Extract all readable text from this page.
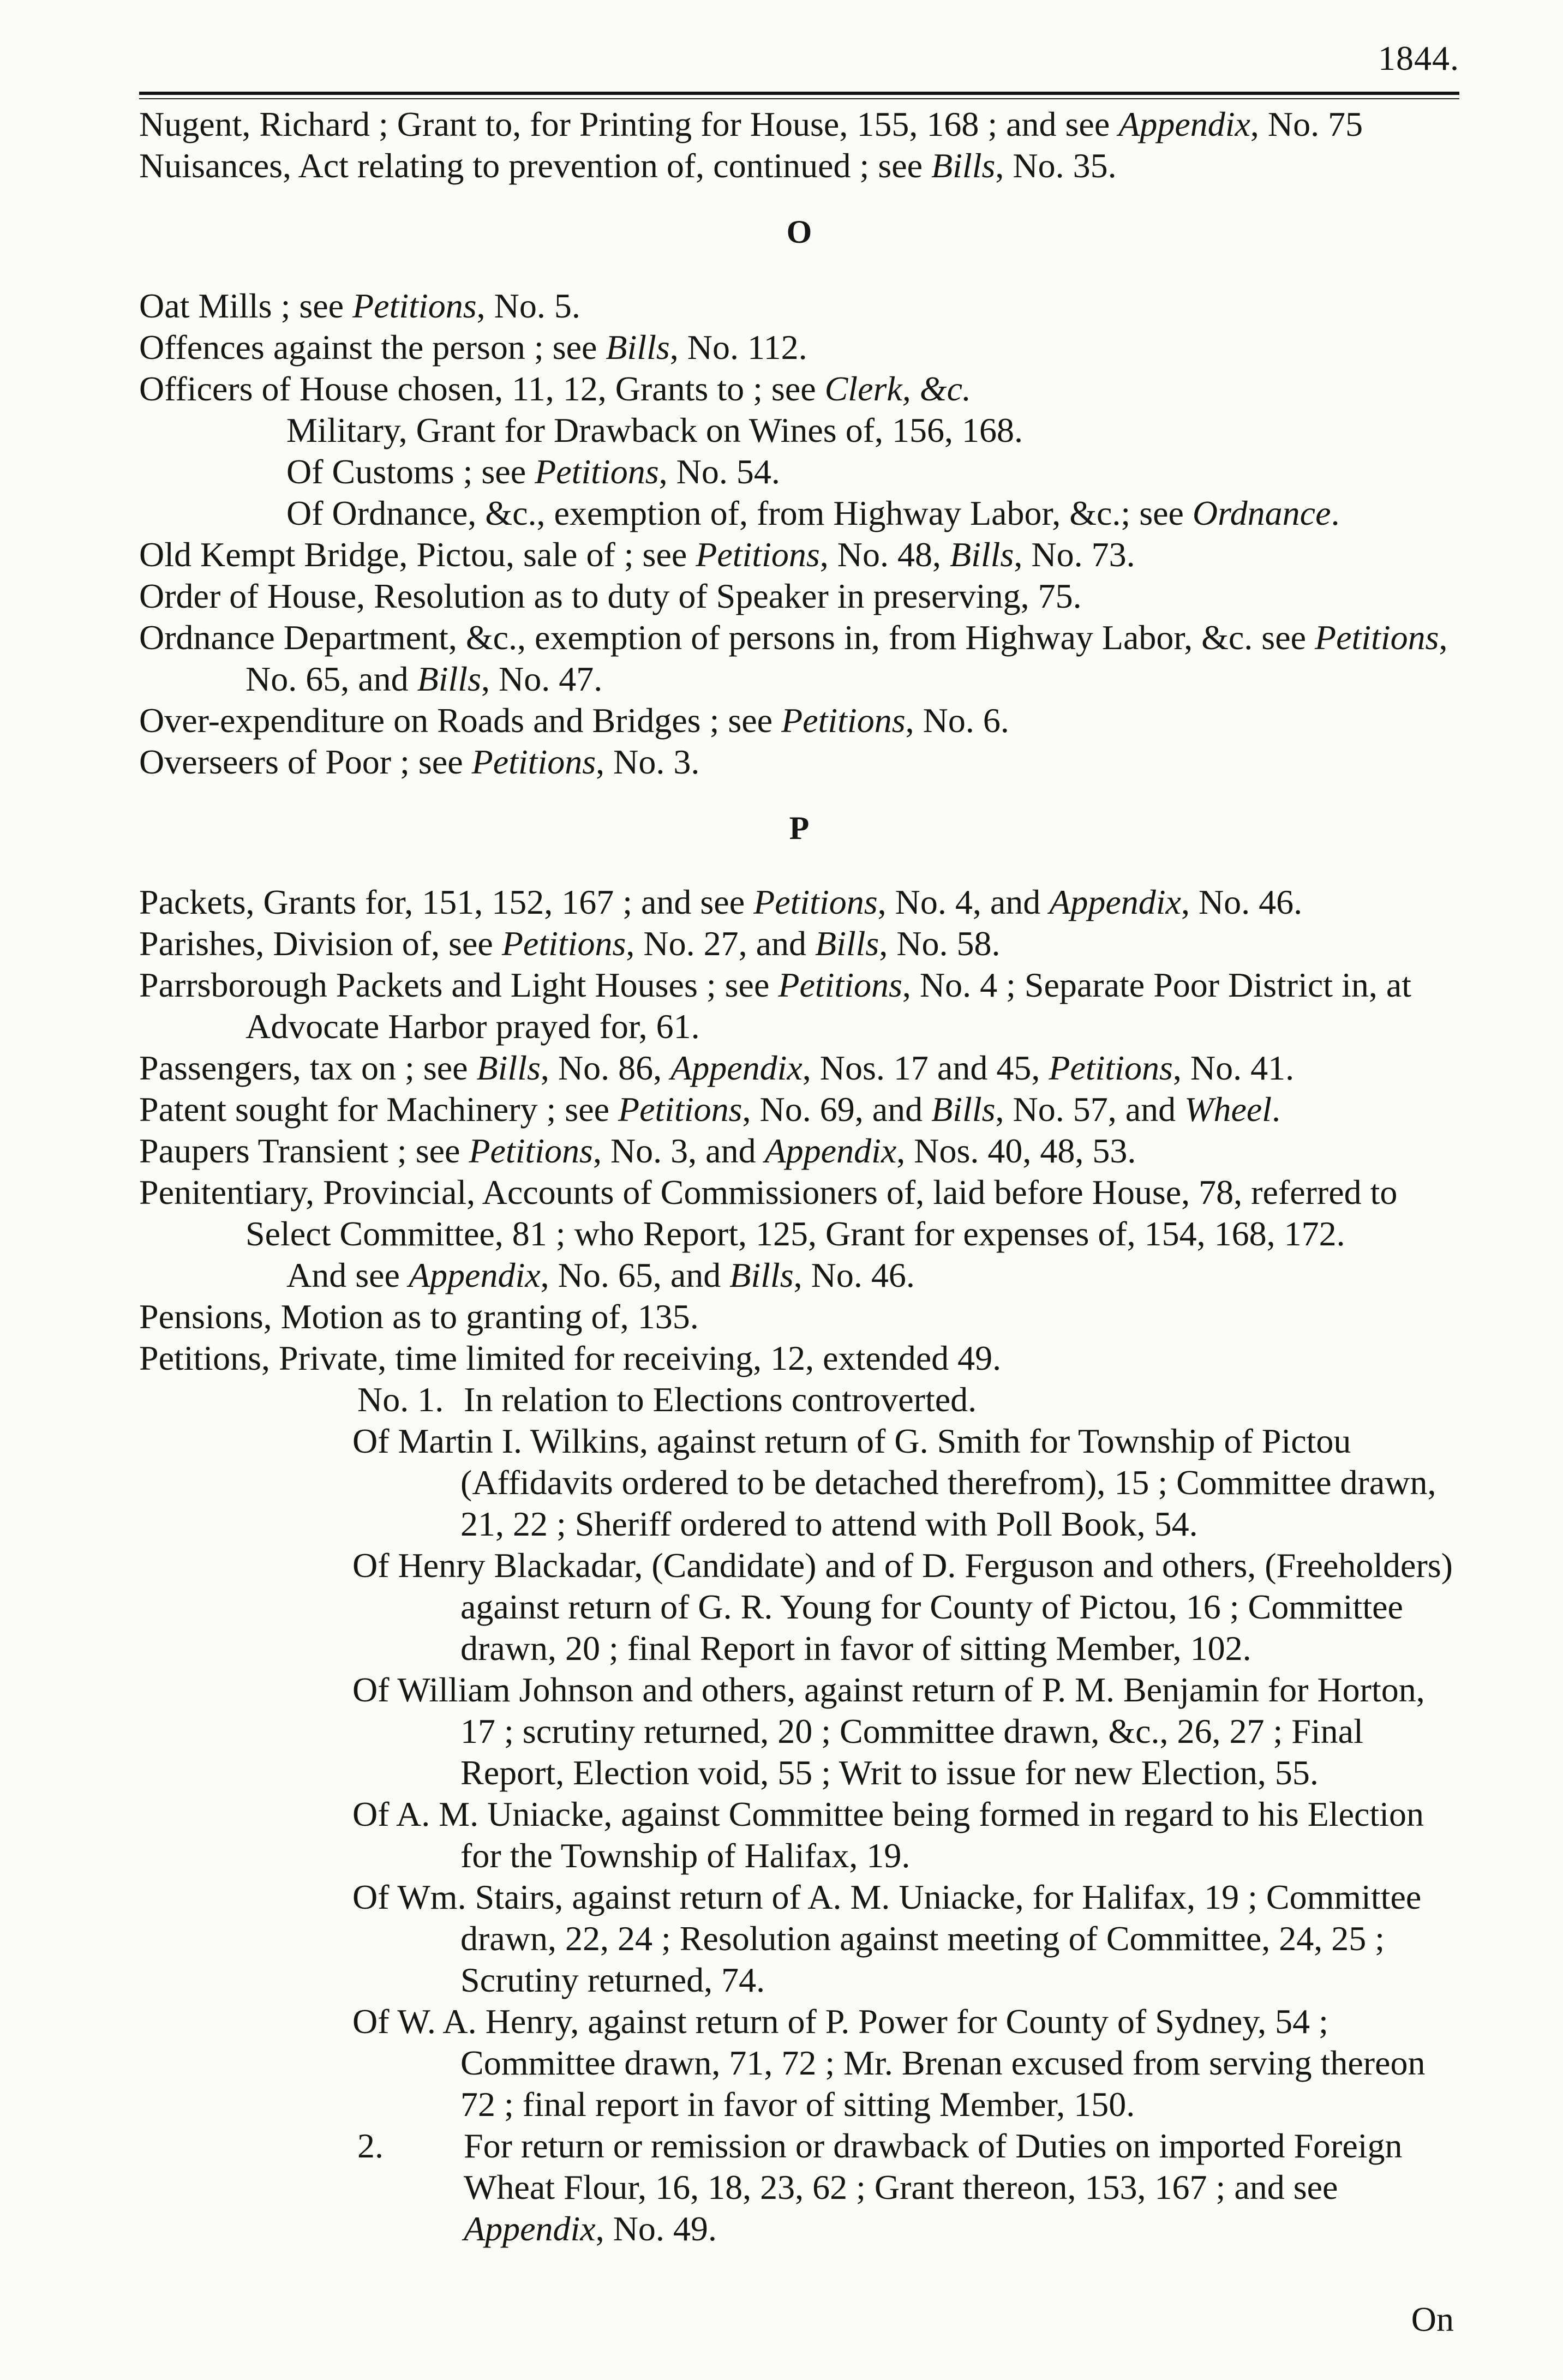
1844.

Nugent, Richard ; Grant to, for Printing for House, 155, 168 ; and see Appendix, No. 75

Nuisances, Act relating to prevention of, continued ; see Bills, No. 35.

O

Oat Mills ; see Petitions, No. 5.

Offences against the person ; see Bills, No. 112.

Officers of House chosen, 11, 12, Grants to ; see Clerk, &c.

Military, Grant for Drawback on Wines of, 156, 168.

Of Customs ; see Petitions, No. 54.

Of Ordnance, &c., exemption of, from Highway Labor, &c.; see Ordnance.

Old Kempt Bridge, Pictou, sale of ; see Petitions, No. 48, Bills, No. 73.

Order of House, Resolution as to duty of Speaker in preserving, 75.

Ordnance Department, &c., exemption of persons in, from Highway Labor, &c. see Petitions, No. 65, and Bills, No. 47.

Over-expenditure on Roads and Bridges ; see Petitions, No. 6.

Overseers of Poor ; see Petitions, No. 3.

P

Packets, Grants for, 151, 152, 167 ; and see Petitions, No. 4, and Appendix, No. 46.

Parishes, Division of, see Petitions, No. 27, and Bills, No. 58.

Parrsborough Packets and Light Houses ; see Petitions, No. 4 ; Separate Poor District in, at Advocate Harbor prayed for, 61.

Passengers, tax on ; see Bills, No. 86, Appendix, Nos. 17 and 45, Petitions, No. 41.

Patent sought for Machinery ; see Petitions, No. 69, and Bills, No. 57, and Wheel.

Paupers Transient ; see Petitions, No. 3, and Appendix, Nos. 40, 48, 53.

Penitentiary, Provincial, Accounts of Commissioners of, laid before House, 78, referred to Select Committee, 81 ; who Report, 125, Grant for expenses of, 154, 168, 172.

And see Appendix, No. 65, and Bills, No. 46.

Pensions, Motion as to granting of, 135.

Petitions, Private, time limited for receiving, 12, extended 49.

No. 1. In relation to Elections controverted.

Of Martin I. Wilkins, against return of G. Smith for Township of Pictou (Affidavits ordered to be detached therefrom), 15 ; Committee drawn, 21, 22 ; Sheriff ordered to attend with Poll Book, 54.

Of Henry Blackadar, (Candidate) and of D. Ferguson and others, (Freeholders) against return of G. R. Young for County of Pictou, 16 ; Committee drawn, 20 ; final Report in favor of sitting Member, 102.

Of William Johnson and others, against return of P. M. Benjamin for Horton, 17 ; scrutiny returned, 20 ; Committee drawn, &c., 26, 27 ; Final Report, Election void, 55 ; Writ to issue for new Election, 55.

Of A. M. Uniacke, against Committee being formed in regard to his Election for the Township of Halifax, 19.

Of Wm. Stairs, against return of A. M. Uniacke, for Halifax, 19 ; Committee drawn, 22, 24 ; Resolution against meeting of Committee, 24, 25 ; Scrutiny returned, 74.

Of W. A. Henry, against return of P. Power for County of Sydney, 54 ; Committee drawn, 71, 72 ; Mr. Brenan excused from serving thereon 72 ; final report in favor of sitting Member, 150.

2. For return or remission or drawback of Duties on imported Foreign Wheat Flour, 16, 18, 23, 62 ; Grant thereon, 153, 167 ; and see Appendix, No. 49.

On
